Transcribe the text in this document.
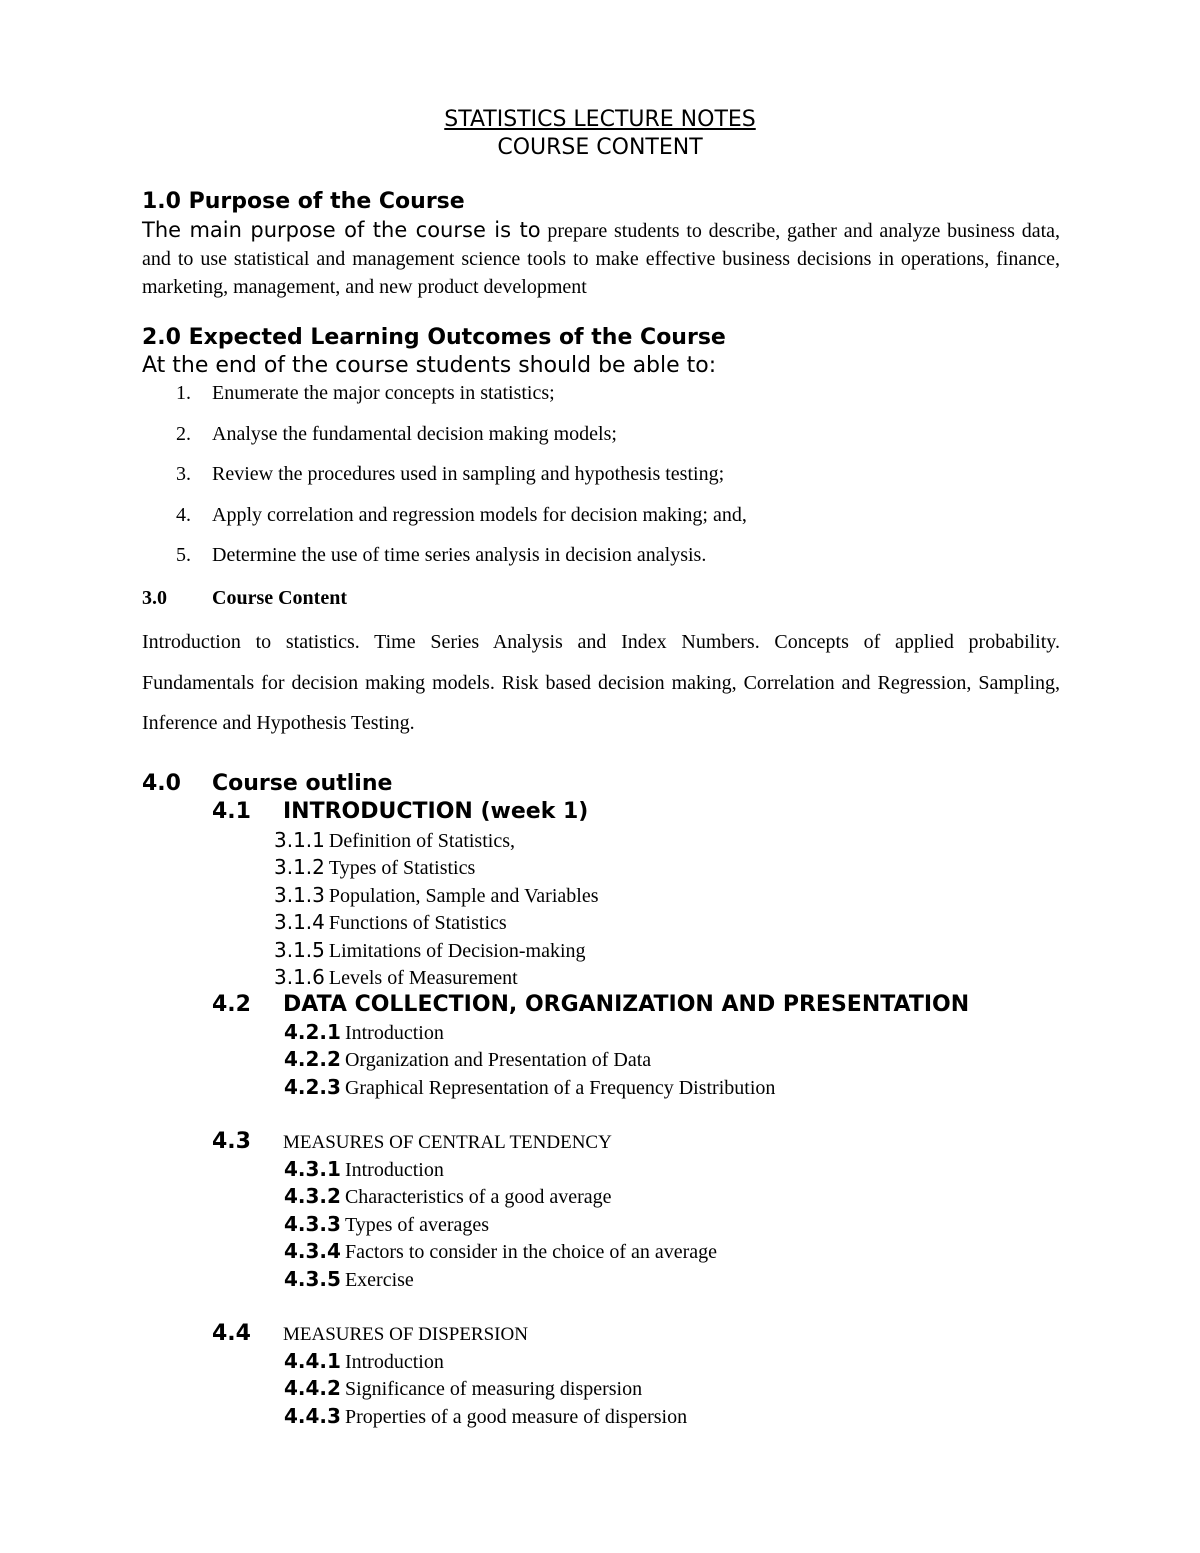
STATISTICS LECTURE NOTES
COURSE CONTENT
1.0 Purpose of the Course
The main purpose of the course is to prepare students to describe, gather and analyze business data, and to use statistical and management science tools to make effective business decisions in operations, finance, marketing, management, and new product development
2.0 Expected Learning Outcomes of the Course
At the end of the course students should be able to:
1. Enumerate the major concepts in statistics;
2. Analyse the fundamental decision making models;
3. Review the procedures used in sampling and hypothesis testing;
4. Apply correlation and regression models for decision making; and,
5. Determine the use of time series analysis in decision analysis.
3.0 Course Content
Introduction to statistics. Time Series Analysis and Index Numbers. Concepts of applied probability. Fundamentals for decision making models. Risk based decision making, Correlation and Regression, Sampling, Inference and Hypothesis Testing.
4.0 Course outline
4.1 INTRODUCTION (week 1)
3.1.1 Definition of Statistics,
3.1.2 Types of Statistics
3.1.3 Population, Sample and Variables
3.1.4 Functions of Statistics
3.1.5 Limitations of Decision-making
3.1.6 Levels of Measurement
4.2 DATA COLLECTION, ORGANIZATION AND PRESENTATION
4.2.1 Introduction
4.2.2 Organization and Presentation of Data
4.2.3 Graphical Representation of a Frequency Distribution
4.3 MEASURES OF CENTRAL TENDENCY
4.3.1 Introduction
4.3.2 Characteristics of a good average
4.3.3 Types of averages
4.3.4 Factors to consider in the choice of an average
4.3.5 Exercise
4.4 MEASURES OF DISPERSION
4.4.1 Introduction
4.4.2 Significance of measuring dispersion
4.4.3 Properties of a good measure of dispersion
